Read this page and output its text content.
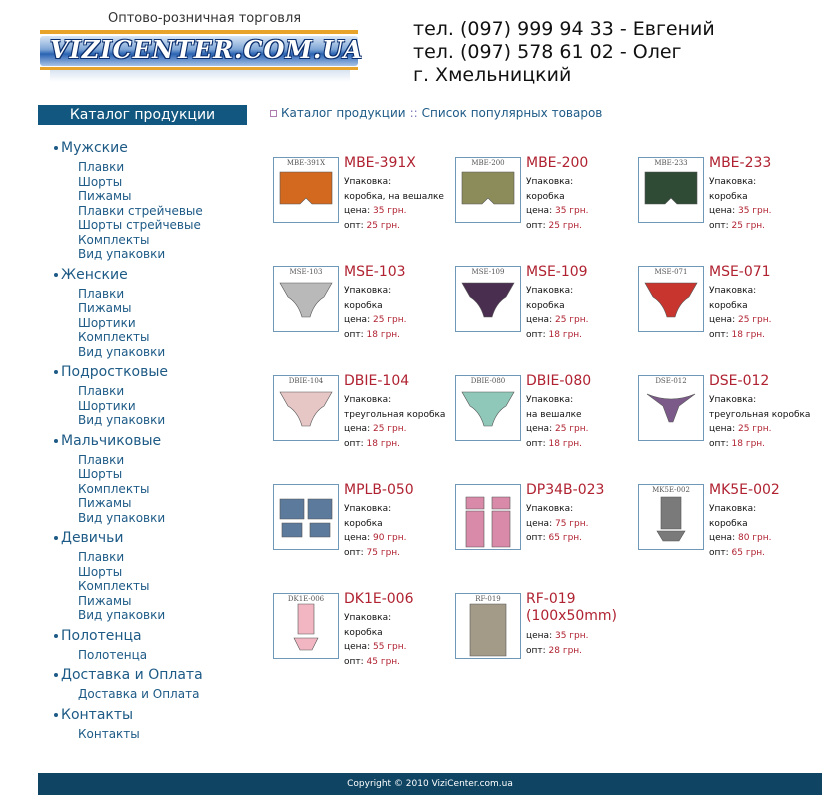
Оптово-розничная торговля
VIZICENTER.COM.UA
тел. (097) 999 94 33 - Евгений
тел. (097) 578 61 02 - Олег
г. Хмельницкий
Каталог продукции
Мужские
Плавки
Шорты
Пижамы
Плавки стрейчевые
Шорты стрейчевые
Комплекты
Вид упаковки
Женские
Плавки
Пижамы
Шортики
Комплекты
Вид упаковки
Подростковые
Плавки
Шортики
Вид упаковки
Мальчиковые
Плавки
Шорты
Комплекты
Пижамы
Вид упаковки
Девичьи
Плавки
Шорты
Комплекты
Пижамы
Вид упаковки
Полотенца
Полотенца
Доставка и Оплата
Доставка и Оплата
Контакты
Контакты
Каталог продукции :: Список популярных товаров
MBE-391X	MBE-391X
Упаковка:
коробка, на вешалке
цена: 35 грн.
опт: 25 грн.
MBE-200	MBE-200
Упаковка:
коробка
цена: 35 грн.
опт: 25 грн.
MBE-233	MBE-233
Упаковка:
коробка
цена: 35 грн.
опт: 25 грн.
MSE-103	MSE-103
Упаковка:
коробка
цена: 25 грн.
опт: 18 грн.
MSE-109	MSE-109
Упаковка:
коробка
цена: 25 грн.
опт: 18 грн.
MSE-071	MSE-071
Упаковка:
коробка
цена: 25 грн.
опт: 18 грн.
DBIE-104	DBIE-104
Упаковка:
треугольная коробка
цена: 25 грн.
опт: 18 грн.
DBIE-080	DBIE-080
Упаковка:
на вешалке
цена: 25 грн.
опт: 18 грн.
DSE-012	DSE-012
Упаковка:
треугольная коробка
цена: 25 грн.
опт: 18 грн.
MPLB-050
Упаковка:
коробка
цена: 90 грн.
опт: 75 грн.
DP34B-023
Упаковка:
цена: 75 грн.
опт: 65 грн.
MK5E-002	MK5E-002
Упаковка:
коробка
цена: 80 грн.
опт: 65 грн.
DK1E-006	DK1E-006
Упаковка:
коробка
цена: 55 грн.
опт: 45 грн.
RF-019	RF-019
(100x50mm)
цена: 35 грн.
опт: 28 грн.
Copyright © 2010 ViziCenter.com.ua
